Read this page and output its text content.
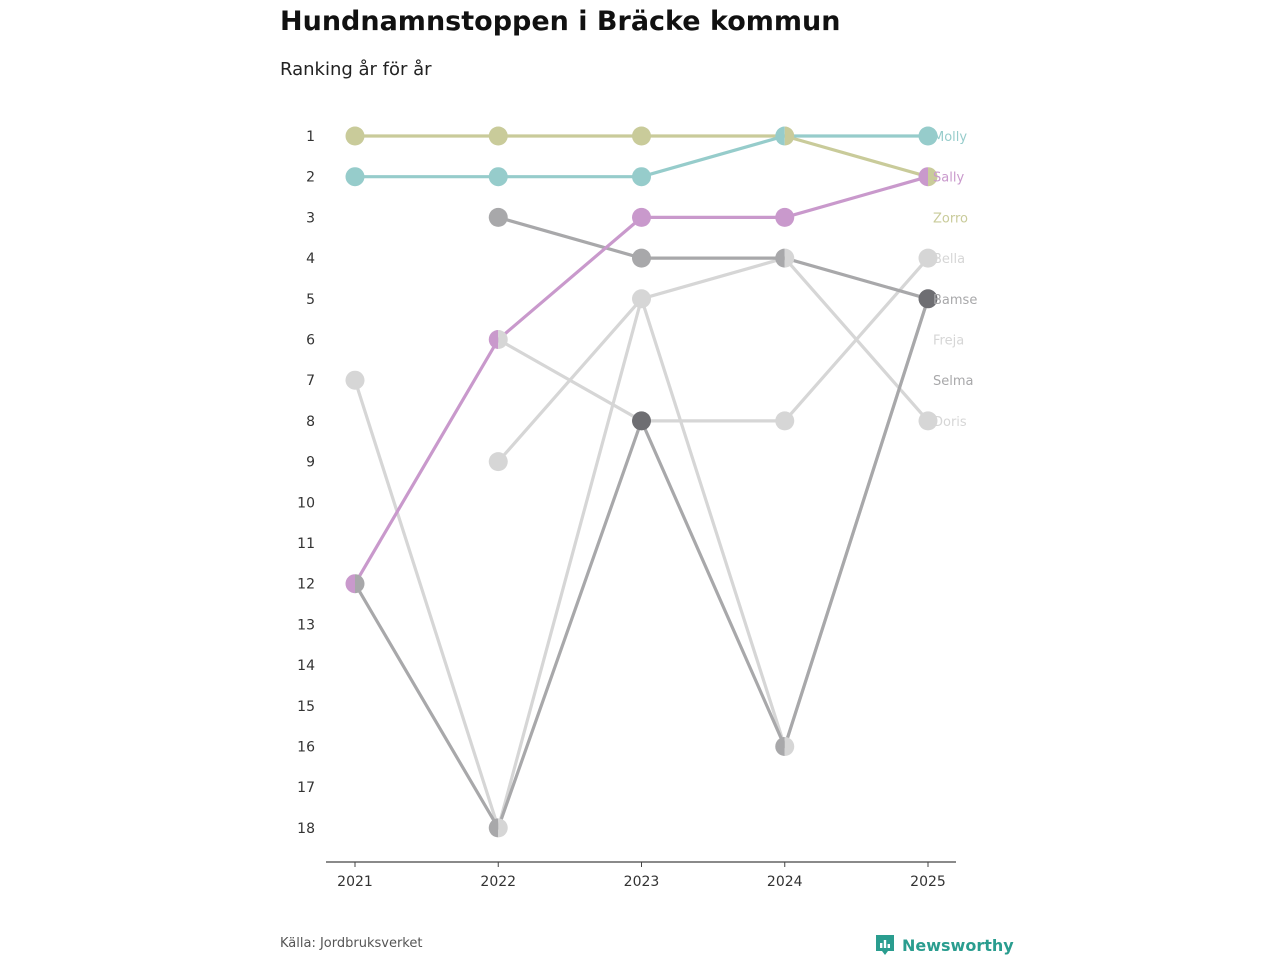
Hundnamnstoppen i Bräcke kommun

Ranking år för år

1
2
3
4
5
6
7
8
9
10
11
12
13
14
15
16
17
18
Molly
Sally
Zorro
Bella
Bamse
Freja
Selma
Doris
2021	2022	2023	2024	2025
Källa: Jordbruksverket	Newsworthy
